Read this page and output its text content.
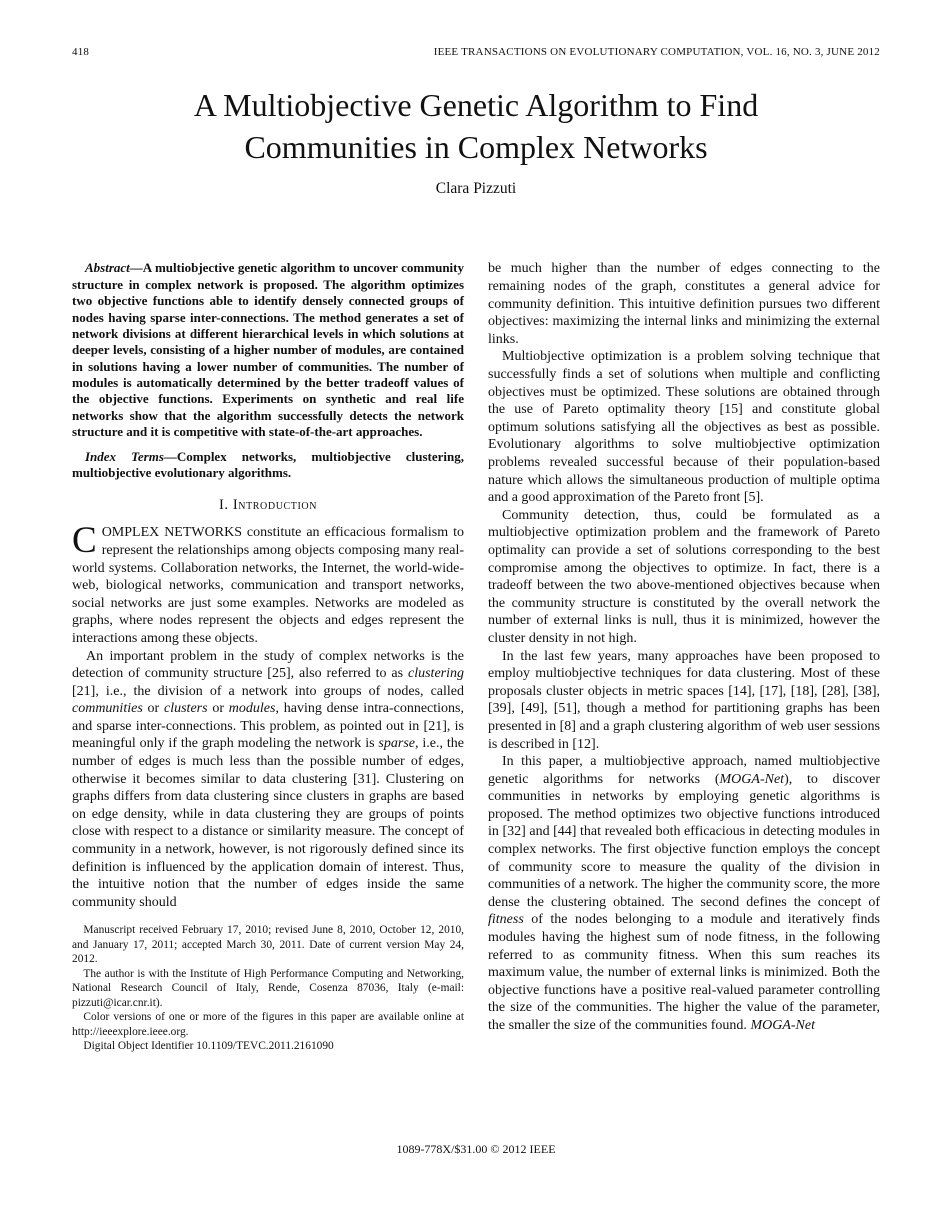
418	IEEE TRANSACTIONS ON EVOLUTIONARY COMPUTATION, VOL. 16, NO. 3, JUNE 2012
A Multiobjective Genetic Algorithm to Find Communities in Complex Networks
Clara Pizzuti

Abstract—A multiobjective genetic algorithm to uncover community structure in complex network is proposed. The algorithm optimizes two objective functions able to identify densely connected groups of nodes having sparse inter-connections. The method generates a set of network divisions at different hierarchical levels in which solutions at deeper levels, consisting of a higher number of modules, are contained in solutions having a lower number of communities. The number of modules is automatically determined by the better tradeoff values of the objective functions. Experiments on synthetic and real life networks show that the algorithm successfully detects the network structure and it is competitive with state-of-the-art approaches.

Index Terms—Complex networks, multiobjective clustering, multiobjective evolutionary algorithms.

I. Introduction

COMPLEX NETWORKS constitute an efficacious formalism to represent the relationships among objects composing many real-world systems. Collaboration networks, the Internet, the world-wide-web, biological networks, communication and transport networks, social networks are just some examples. Networks are modeled as graphs, where nodes represent the objects and edges represent the interactions among these objects.

An important problem in the study of complex networks is the detection of community structure [25], also referred to as clustering [21], i.e., the division of a network into groups of nodes, called communities or clusters or modules, having dense intra-connections, and sparse inter-connections. This problem, as pointed out in [21], is meaningful only if the graph modeling the network is sparse, i.e., the number of edges is much less than the possible number of edges, otherwise it becomes similar to data clustering [31]. Clustering on graphs differs from data clustering since clusters in graphs are based on edge density, while in data clustering they are groups of points close with respect to a distance or similarity measure. The concept of community in a network, however, is not rigorously defined since its definition is influenced by the application domain of interest. Thus, the intuitive notion that the number of edges inside the same community should

Manuscript received February 17, 2010; revised June 8, 2010, October 12, 2010, and January 17, 2011; accepted March 30, 2011. Date of current version May 24, 2012.

The author is with the Institute of High Performance Computing and Networking, National Research Council of Italy, Rende, Cosenza 87036, Italy (e-mail: pizzuti@icar.cnr.it).

Color versions of one or more of the figures in this paper are available online at http://ieeexplore.ieee.org.

Digital Object Identifier 10.1109/TEVC.2011.2161090

be much higher than the number of edges connecting to the remaining nodes of the graph, constitutes a general advice for community definition. This intuitive definition pursues two different objectives: maximizing the internal links and minimizing the external links.

Multiobjective optimization is a problem solving technique that successfully finds a set of solutions when multiple and conflicting objectives must be optimized. These solutions are obtained through the use of Pareto optimality theory [15] and constitute global optimum solutions satisfying all the objectives as best as possible. Evolutionary algorithms to solve multiobjective optimization problems revealed successful because of their population-based nature which allows the simultaneous production of multiple optima and a good approximation of the Pareto front [5].

Community detection, thus, could be formulated as a multiobjective optimization problem and the framework of Pareto optimality can provide a set of solutions corresponding to the best compromise among the objectives to optimize. In fact, there is a tradeoff between the two above-mentioned objectives because when the community structure is constituted by the overall network the number of external links is null, thus it is minimized, however the cluster density in not high.

In the last few years, many approaches have been proposed to employ multiobjective techniques for data clustering. Most of these proposals cluster objects in metric spaces [14], [17], [18], [28], [38], [39], [49], [51], though a method for partitioning graphs has been presented in [8] and a graph clustering algorithm of web user sessions is described in [12].

In this paper, a multiobjective approach, named multiobjective genetic algorithms for networks (MOGA-Net), to discover communities in networks by employing genetic algorithms is proposed. The method optimizes two objective functions introduced in [32] and [44] that revealed both efficacious in detecting modules in complex networks. The first objective function employs the concept of community score to measure the quality of the division in communities of a network. The higher the community score, the more dense the clustering obtained. The second defines the concept of fitness of the nodes belonging to a module and iteratively finds modules having the highest sum of node fitness, in the following referred to as community fitness. When this sum reaches its maximum value, the number of external links is minimized. Both the objective functions have a positive real-valued parameter controlling the size of the communities. The higher the value of the parameter, the smaller the size of the communities found. MOGA-Net

1089-778X/$31.00 © 2012 IEEE
